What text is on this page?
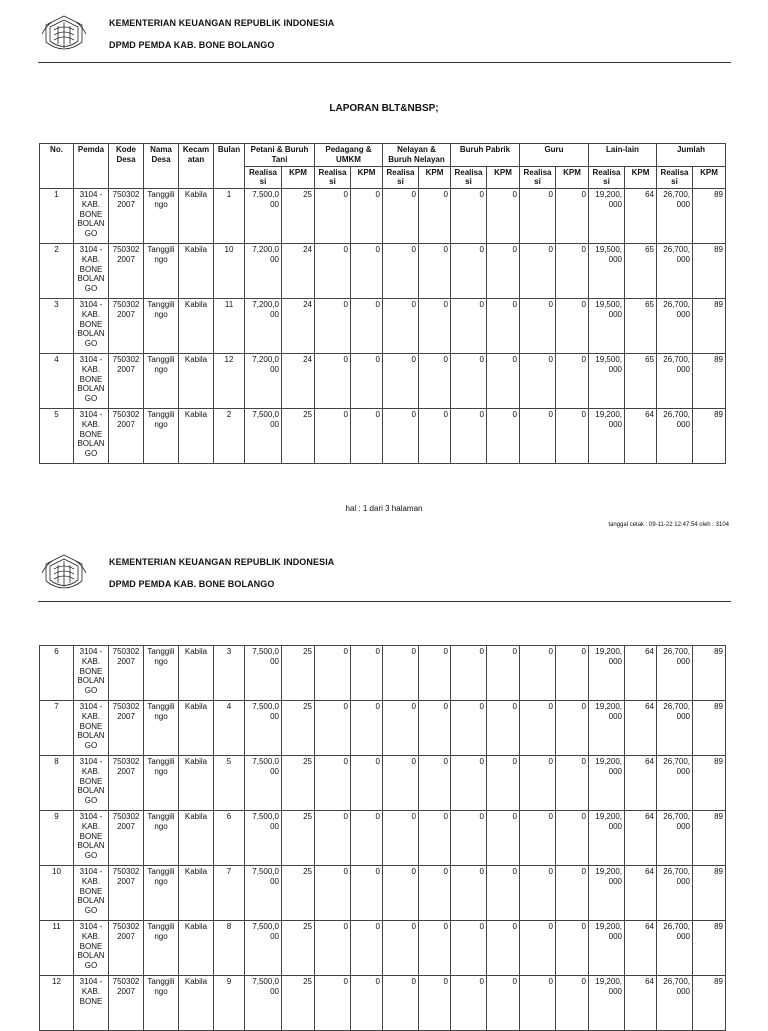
KEMENTERIAN KEUANGAN REPUBLIK INDONESIA
DPMD PEMDA KAB. BONE BOLANGO
LAPORAN BLT&NBSP;
No.	Pemda	Kode Desa	Nama Desa	Kecam atan	Bulan	Petani & Buruh Tani		Pedagang & UMKM		Nelayan & Buruh Nelayan		Buruh Pabrik		Guru		Lain-lain		Jumlah	
						Realisa si	KPM	Realisa si	KPM	Realisa si	KPM	Realisa si	KPM	Realisa si	KPM	Realisa si	KPM	Realisa si	KPM
1	3104 - KAB. BONE BOLAN GO	750302 2007	Tanggili ngo	Kabila	1	7,500,0 00	25	0	0	0	0	0	0	0	0	19,200, 000	64	26,700, 000	89
2	3104 - KAB. BONE BOLAN GO	750302 2007	Tanggili ngo	Kabila	10	7,200,0 00	24	0	0	0	0	0	0	0	0	19,500, 000	65	26,700, 000	89
3	3104 - KAB. BONE BOLAN GO	750302 2007	Tanggili ngo	Kabila	11	7,200,0 00	24	0	0	0	0	0	0	0	0	19,500, 000	65	26,700, 000	89
4	3104 - KAB. BONE BOLAN GO	750302 2007	Tanggili ngo	Kabila	12	7,200,0 00	24	0	0	0	0	0	0	0	0	19,500, 000	65	26,700, 000	89
5	3104 - KAB. BONE BOLAN GO	750302 2007	Tanggili ngo	Kabila	2	7,500,0 00	25	0	0	0	0	0	0	0	0	19,200, 000	64	26,700, 000	89
hal : 1 dari 3 halaman
tanggal cetak : 09-11-22 12:47:54 oleh : 3104
KEMENTERIAN KEUANGAN REPUBLIK INDONESIA
DPMD PEMDA KAB. BONE BOLANGO
6	3104 - KAB. BONE BOLAN GO	750302 2007	Tanggili ngo	Kabila	3	7,500,0 00	25	0	0	0	0	0	0	0	0	19,200, 000	64	26,700, 000	89
7	3104 - KAB. BONE BOLAN GO	750302 2007	Tanggili ngo	Kabila	4	7,500,0 00	25	0	0	0	0	0	0	0	0	19,200, 000	64	26,700, 000	89
8	3104 - KAB. BONE BOLAN GO	750302 2007	Tanggili ngo	Kabila	5	7,500,0 00	25	0	0	0	0	0	0	0	0	19,200, 000	64	26,700, 000	89
9	3104 - KAB. BONE BOLAN GO	750302 2007	Tanggili ngo	Kabila	6	7,500,0 00	25	0	0	0	0	0	0	0	0	19,200, 000	64	26,700, 000	89
10	3104 - KAB. BONE BOLAN GO	750302 2007	Tanggili ngo	Kabila	7	7,500,0 00	25	0	0	0	0	0	0	0	0	19,200, 000	64	26,700, 000	89
11	3104 - KAB. BONE BOLAN GO	750302 2007	Tanggili ngo	Kabila	8	7,500,0 00	25	0	0	0	0	0	0	0	0	19,200, 000	64	26,700, 000	89
12	3104 - KAB. BONE	750302 2007	Tanggili ngo	Kabila	9	7,500,0 00	25	0	0	0	0	0	0	0	0	19,200, 000	64	26,700, 000	89
